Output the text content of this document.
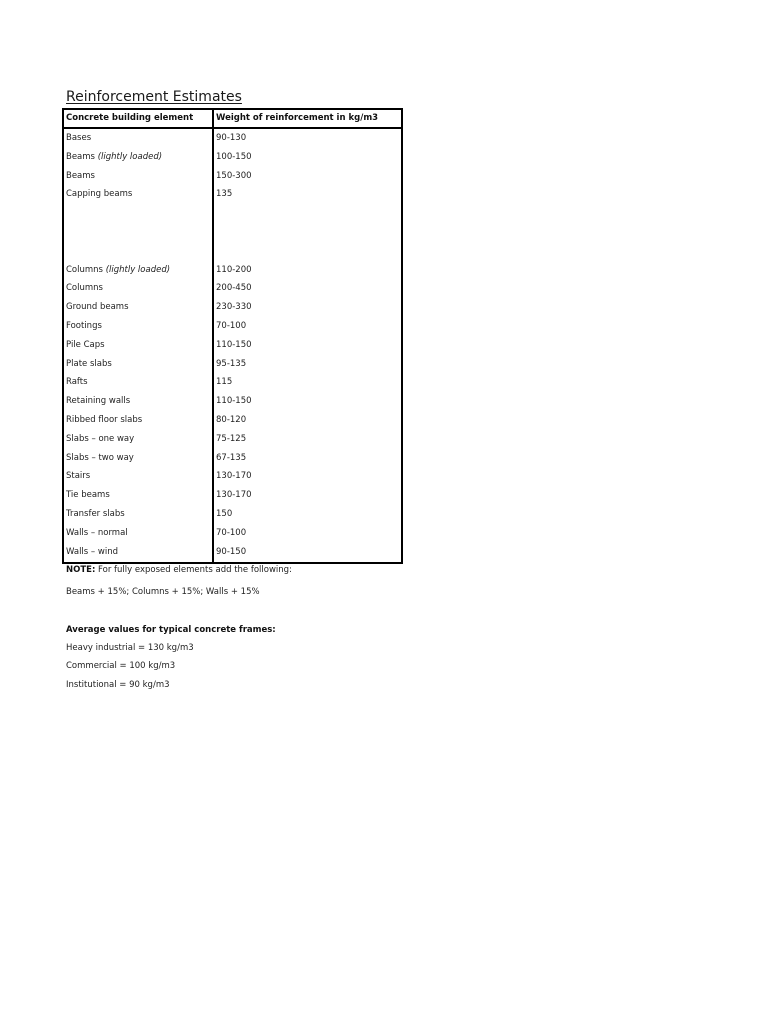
Reinforcement Estimates
Concrete building element	Weight of reinforcement in kg/m3
Bases	90-130
Beams (lightly loaded)	100-150
Beams	150-300
Capping beams	135
Columns (lightly loaded)	110-200
Columns	200-450
Ground beams	230-330
Footings	70-100
Pile Caps	110-150
Plate slabs	95-135
Rafts	115
Retaining walls	110-150
Ribbed floor slabs	80-120
Slabs – one way	75-125
Slabs – two way	67-135
Stairs	130-170
Tie beams	130-170
Transfer slabs	150
Walls – normal	70-100
Walls – wind	90-150
NOTE: For fully exposed elements add the following:
Beams + 15%; Columns + 15%; Walls + 15%
Average values for typical concrete frames:
Heavy industrial = 130 kg/m3
Commercial = 100 kg/m3
Institutional = 90 kg/m3
